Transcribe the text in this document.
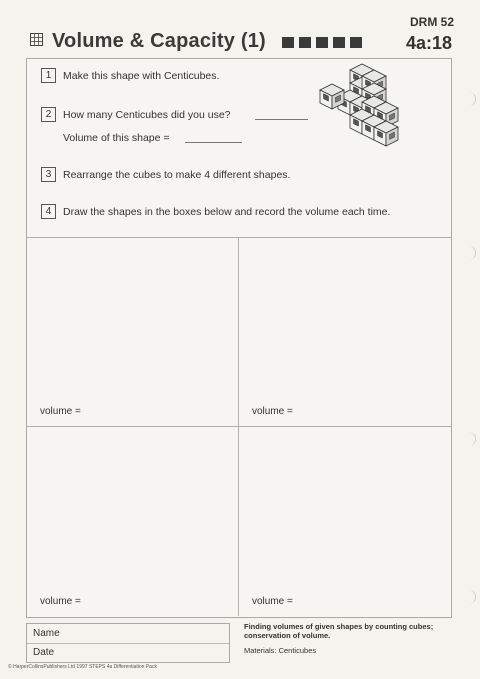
DRM 52
Volume & Capacity (1)	4a:18
1	Make this shape with Centicubes.
2	How many Centicubes did you use?
Volume of this shape =
3	Rearrange the cubes to make 4 different shapes.
4	Draw the shapes in the boxes below and record the volume each time.
volume =	volume =
volume =	volume =
Name
Date
Finding volumes of given shapes by counting cubes; conservation of volume.
Materials: Centicubes
© HarperCollinsPublishers Ltd 1997 STEPS 4a Differentiation Pack
